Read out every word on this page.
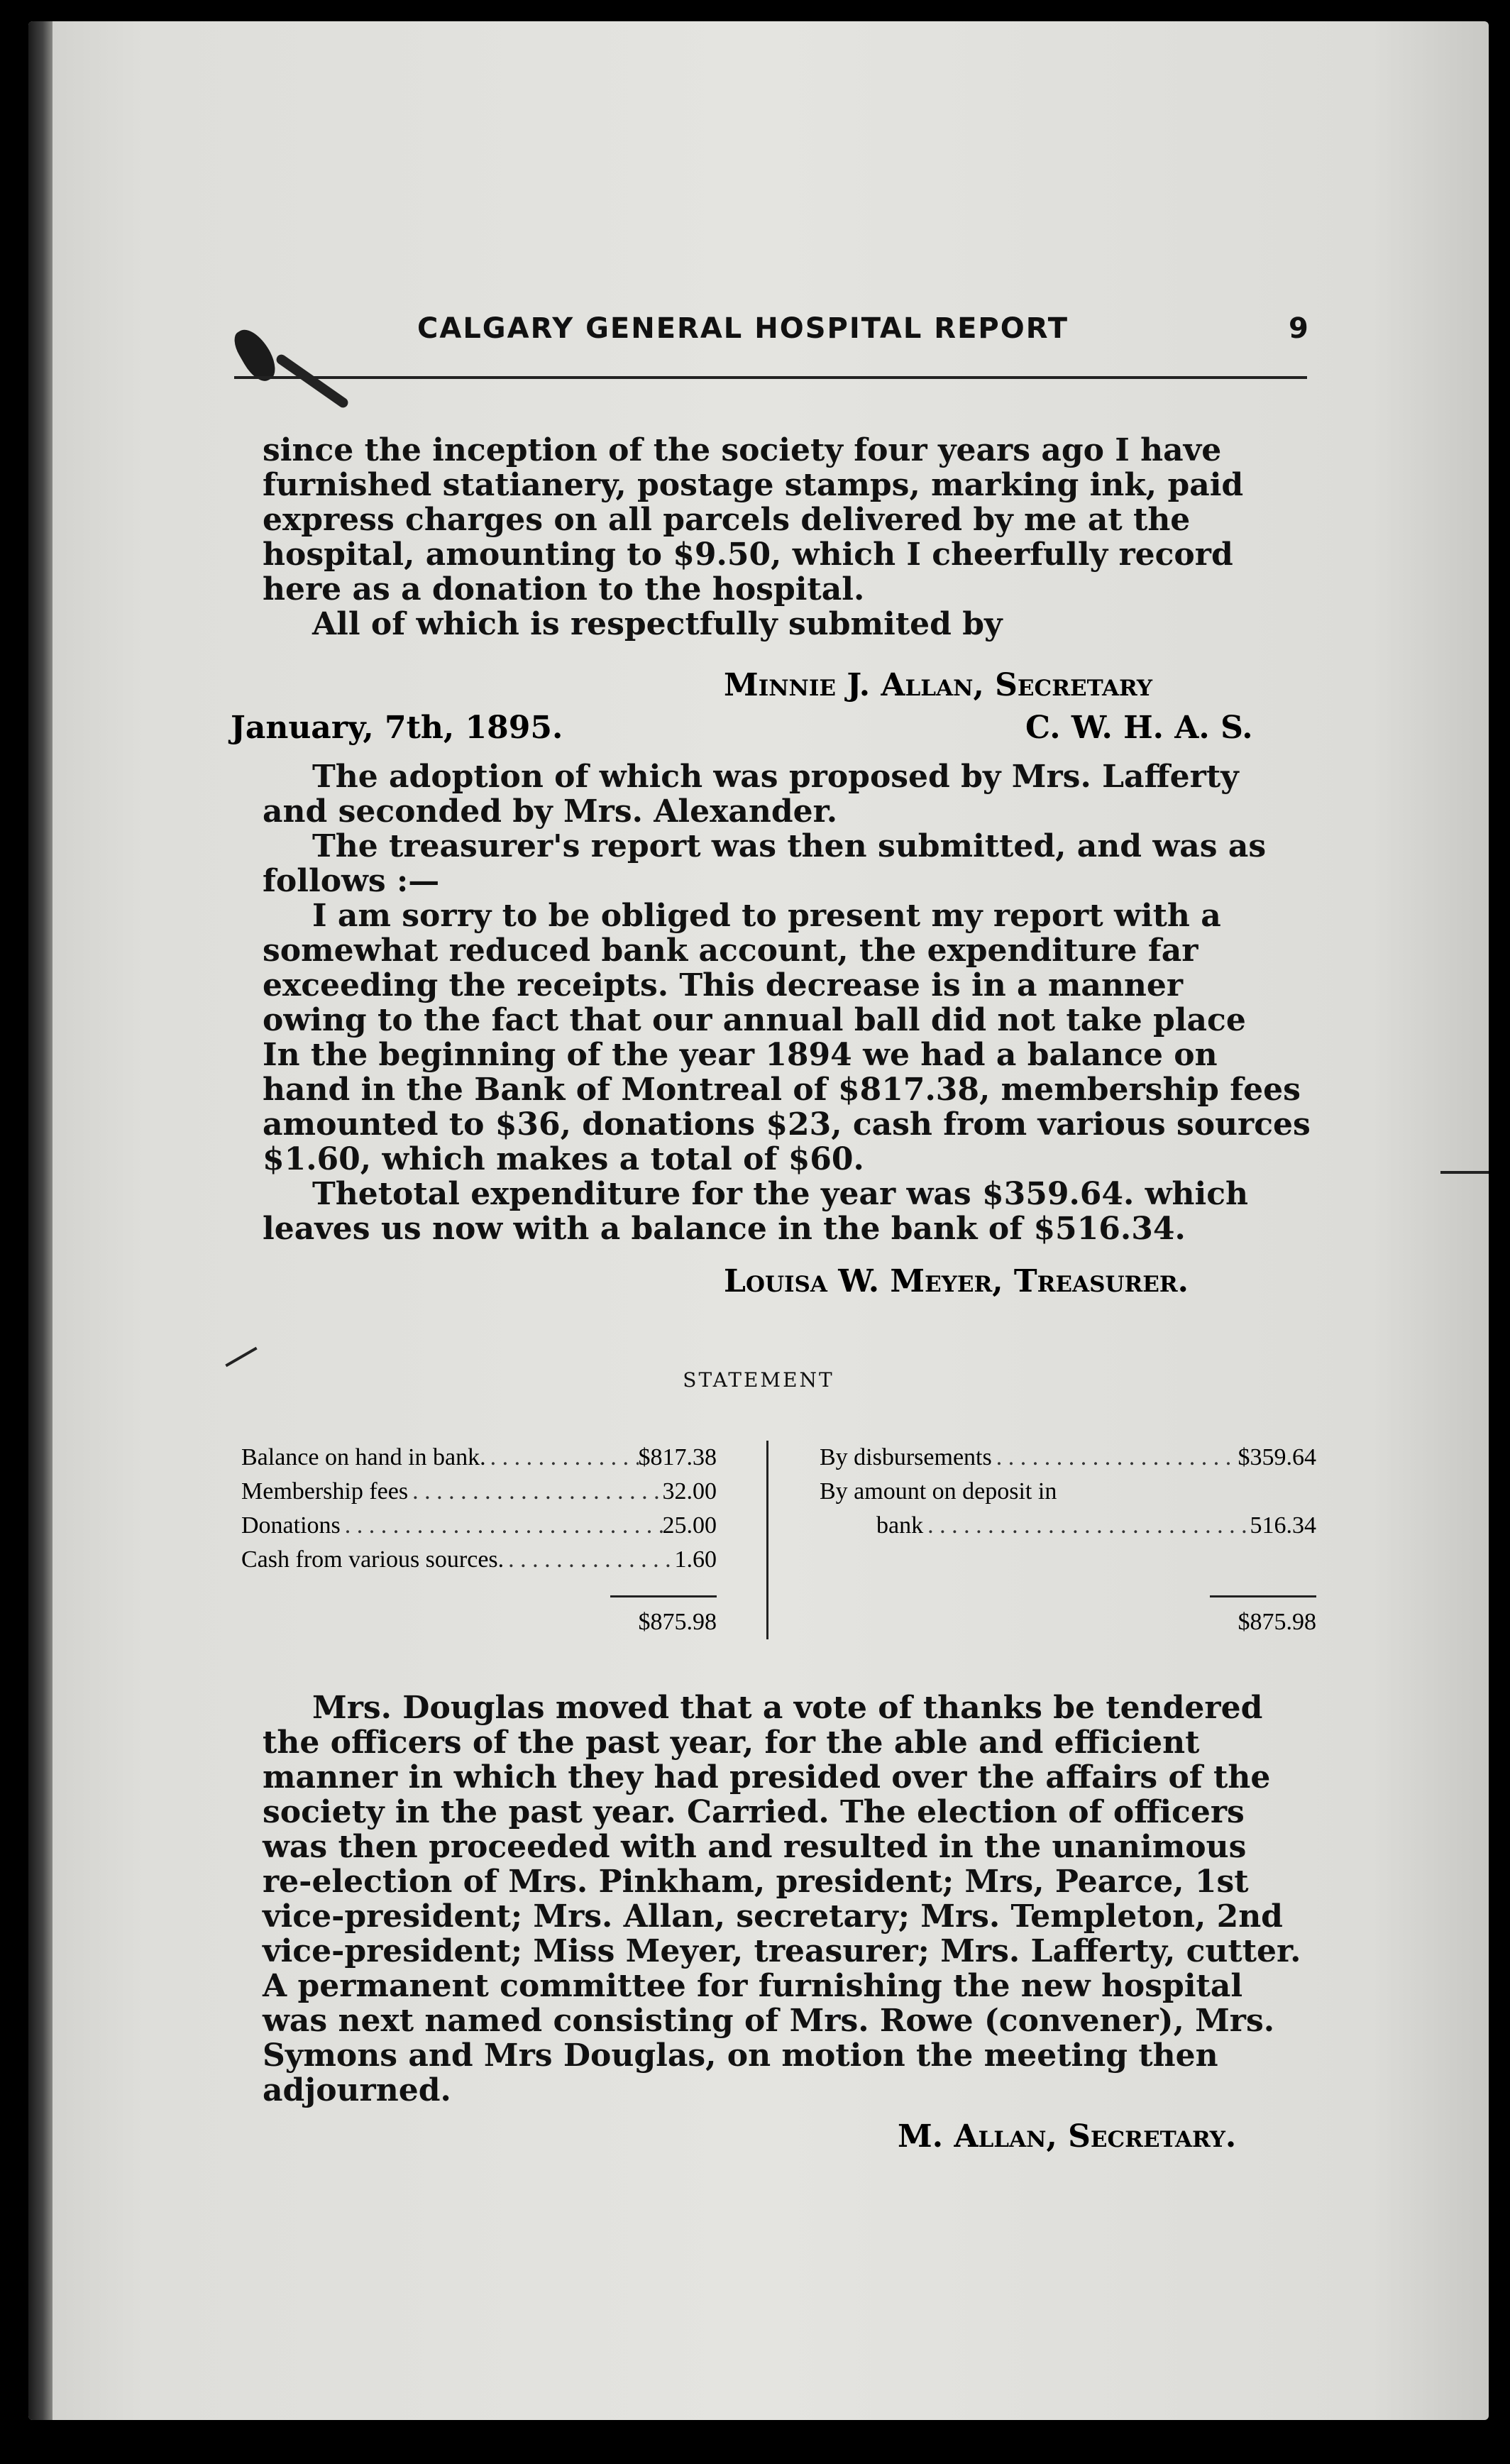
CALGARY GENERAL HOSPITAL REPORT	9

since the inception of the society four years ago I have

furnished statianery, postage stamps, marking ink, paid

express charges on all parcels delivered by me at the

hospital, amounting to $9.50, which I cheerfully record

here as a donation to the hospital.

All of which is respectfully submited by

Minnie J. Allan, Secretary
January, 7th, 1895.	C. W. H. A. S.

The adoption of which was proposed by Mrs. Lafferty

and seconded by Mrs. Alexander.

The treasurer's report was then submitted, and was as

follows :—

I am sorry to be obliged to present my report with a

somewhat reduced bank account, the expenditure far

exceeding the receipts. This decrease is in a manner

owing to the fact that our annual ball did not take place

In the beginning of the year 1894 we had a balance on

hand in the Bank of Montreal of $817.38, membership fees

amounted to $36, donations $23, cash from various sources

$1.60, which makes a total of $60.

Thetotal expenditure for the year was $359.64. which

leaves us now with a balance in the bank of $516.34.

Louisa W. Meyer, Treasurer.
STATEMENT
Balance on hand in bank. . . .	$817.38
Membership fees . . .	32.00
Donations . . .	25.00
Cash from various sources. . . .	1.60
$875.98
By disbursements . . .	$359.64
By amount on deposit in
bank . . .	516.34
$875.98

Mrs. Douglas moved that a vote of thanks be tendered

the officers of the past year, for the able and efficient

manner in which they had presided over the affairs of the

society in the past year. Carried. The election of officers

was then proceeded with and resulted in the unanimous

re-election of Mrs. Pinkham, president; Mrs, Pearce, 1st

vice-president; Mrs. Allan, secretary; Mrs. Templeton, 2nd

vice-president; Miss Meyer, treasurer; Mrs. Lafferty, cutter.

A permanent committee for furnishing the new hospital

was next named consisting of Mrs. Rowe (convener), Mrs.

Symons and Mrs Douglas, on motion the meeting then

adjourned.

M. Allan, Secretary.
